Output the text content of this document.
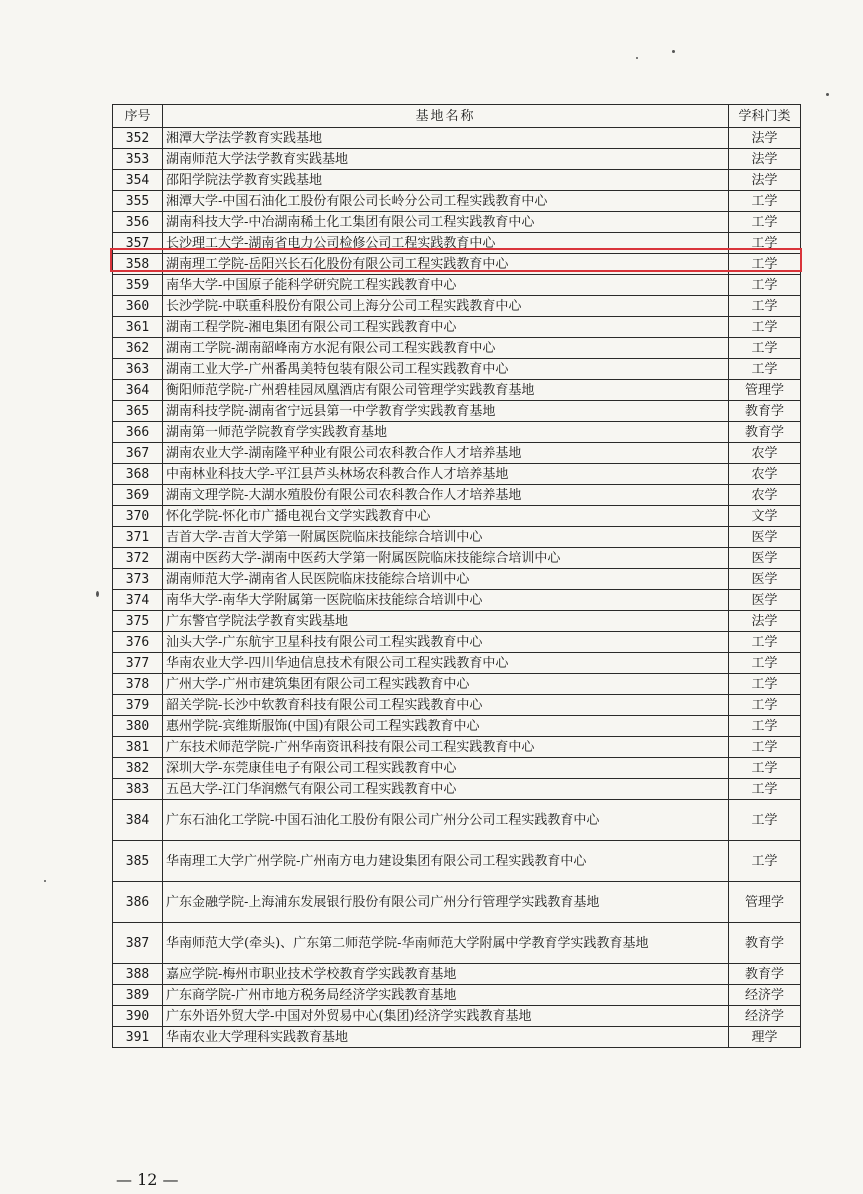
序号	基地名称	学科门类
352	湘潭大学法学教育实践基地	法学
353	湖南师范大学法学教育实践基地	法学
354	邵阳学院法学教育实践基地	法学
355	湘潭大学-中国石油化工股份有限公司长岭分公司工程实践教育中心	工学
356	湖南科技大学-中冶湖南稀土化工集团有限公司工程实践教育中心	工学
357	长沙理工大学-湖南省电力公司检修公司工程实践教育中心	工学
358	湖南理工学院-岳阳兴长石化股份有限公司工程实践教育中心	工学
359	南华大学-中国原子能科学研究院工程实践教育中心	工学
360	长沙学院-中联重科股份有限公司上海分公司工程实践教育中心	工学
361	湖南工程学院-湘电集团有限公司工程实践教育中心	工学
362	湖南工学院-湖南韶峰南方水泥有限公司工程实践教育中心	工学
363	湖南工业大学-广州番禺美特包装有限公司工程实践教育中心	工学
364	衡阳师范学院-广州碧桂园凤凰酒店有限公司管理学实践教育基地	管理学
365	湖南科技学院-湖南省宁远县第一中学教育学实践教育基地	教育学
366	湖南第一师范学院教育学实践教育基地	教育学
367	湖南农业大学-湖南隆平种业有限公司农科教合作人才培养基地	农学
368	中南林业科技大学-平江县芦头林场农科教合作人才培养基地	农学
369	湖南文理学院-大湖水殖股份有限公司农科教合作人才培养基地	农学
370	怀化学院-怀化市广播电视台文学实践教育中心	文学
371	吉首大学-吉首大学第一附属医院临床技能综合培训中心	医学
372	湖南中医药大学-湖南中医药大学第一附属医院临床技能综合培训中心	医学
373	湖南师范大学-湖南省人民医院临床技能综合培训中心	医学
374	南华大学-南华大学附属第一医院临床技能综合培训中心	医学
375	广东警官学院法学教育实践基地	法学
376	汕头大学-广东航宇卫星科技有限公司工程实践教育中心	工学
377	华南农业大学-四川华迪信息技术有限公司工程实践教育中心	工学
378	广州大学-广州市建筑集团有限公司工程实践教育中心	工学
379	韶关学院-长沙中软教育科技有限公司工程实践教育中心	工学
380	惠州学院-宾维斯服饰(中国)有限公司工程实践教育中心	工学
381	广东技术师范学院-广州华南资讯科技有限公司工程实践教育中心	工学
382	深圳大学-东莞康佳电子有限公司工程实践教育中心	工学
383	五邑大学-江门华润燃气有限公司工程实践教育中心	工学
384	广东石油化工学院-中国石油化工股份有限公司广州分公司工程实践教育中心	工学
385	华南理工大学广州学院-广州南方电力建设集团有限公司工程实践教育中心	工学
386	广东金融学院-上海浦东发展银行股份有限公司广州分行管理学实践教育基地	管理学
387	华南师范大学(牵头)、广东第二师范学院-华南师范大学附属中学教育学实践教育基地	教育学
388	嘉应学院-梅州市职业技术学校教育学实践教育基地	教育学
389	广东商学院-广州市地方税务局经济学实践教育基地	经济学
390	广东外语外贸大学-中国对外贸易中心(集团)经济学实践教育基地	经济学
391	华南农业大学理科实践教育基地	理学
— 12 —
